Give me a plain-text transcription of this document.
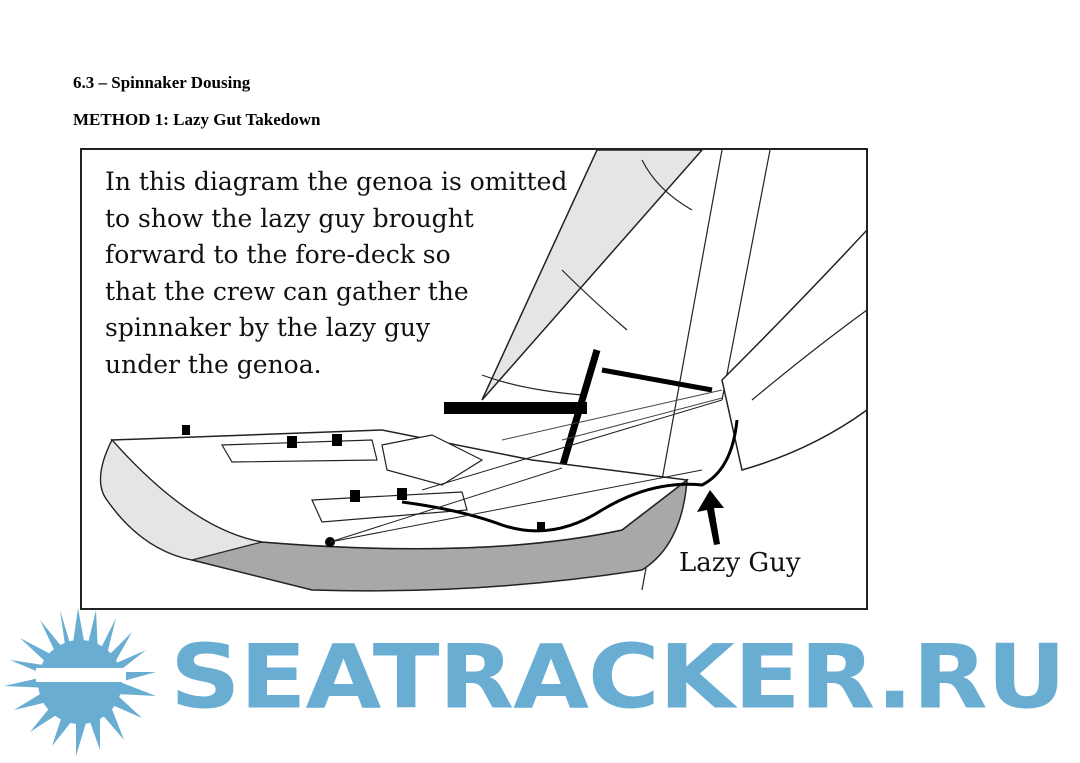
6.3 – Spinnaker Dousing
METHOD 1: Lazy Gut Takedown
In this diagram the genoa is omitted
to show the lazy guy brought
forward to the fore-deck so
that the crew can gather the
spinnaker by the lazy guy
under the genoa.
Lazy Guy
SEATRACKER.RU
